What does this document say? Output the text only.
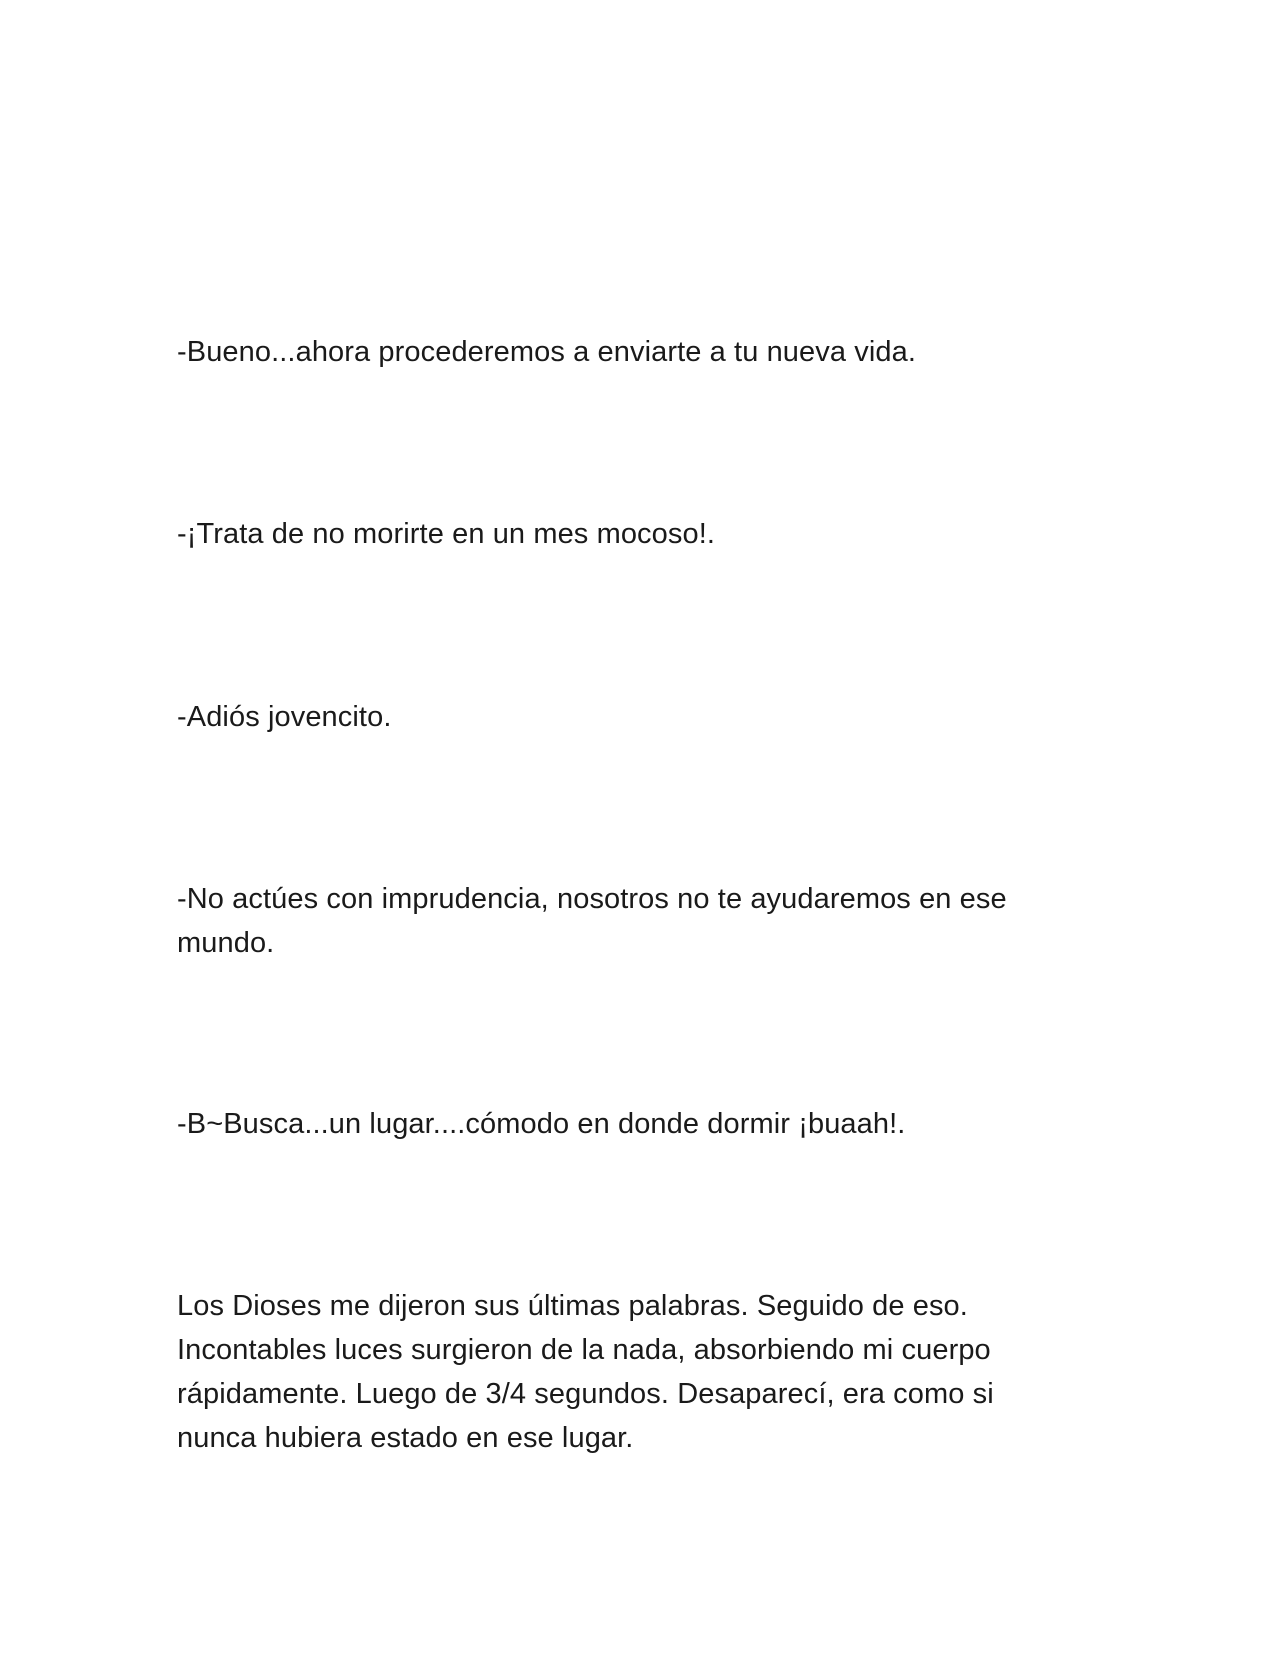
-Bueno...ahora procederemos a enviarte a tu nueva vida.

-¡Trata de no morirte en un mes mocoso!.

-Adiós jovencito.

-No actúes con imprudencia, nosotros no te ayudaremos en ese mundo.

-B~Busca...un lugar....cómodo en donde dormir ¡buaah!.

Los Dioses me dijeron sus últimas palabras. Seguido de eso. Incontables luces surgieron de la nada, absorbiendo mi cuerpo rápidamente. Luego de 3/4 segundos. Desaparecí, era como si nunca hubiera estado en ese lugar.
